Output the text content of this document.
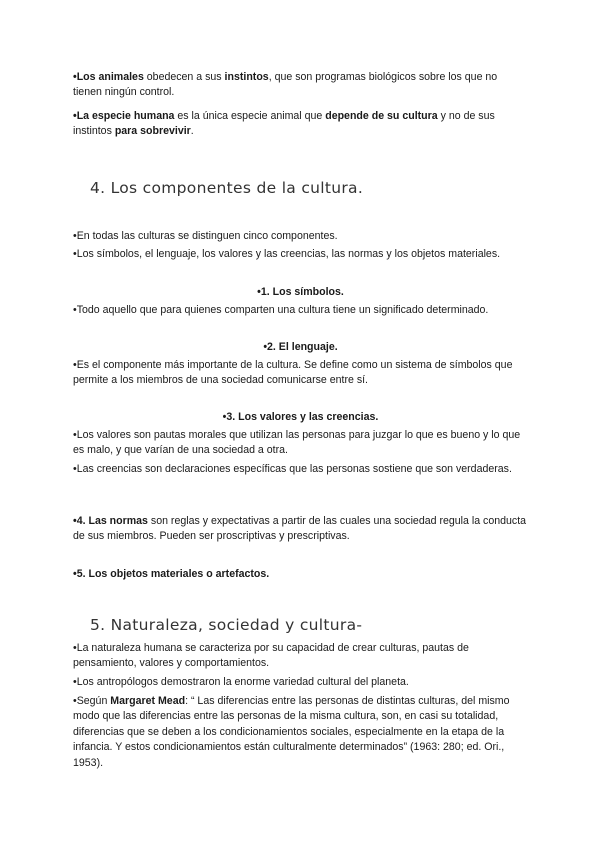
•Los animales obedecen a sus instintos, que son programas biológicos sobre los que no tienen ningún control.

•La especie humana es la única especie animal que depende de su cultura y no de sus instintos para sobrevivir.

4. Los componentes de la cultura.

•En todas las culturas se distinguen cinco componentes.

•Los símbolos, el lenguaje, los valores y las creencias, las normas y los objetos materiales.

•1. Los símbolos.

•Todo aquello que para quienes comparten una cultura tiene un significado determinado.

•2. El lenguaje.

•Es el componente más importante de la cultura. Se define como un sistema de símbolos que permite a los miembros de una sociedad comunicarse entre sí.

•3. Los valores y las creencias.

•Los valores son pautas morales que utilizan las personas para juzgar lo que es bueno y lo que es malo, y que varían de una sociedad a otra.

•Las creencias son declaraciones específicas que las personas sostiene que son verdaderas.

•4. Las normas son reglas y expectativas a partir de las cuales una sociedad regula la conducta de sus miembros. Pueden ser proscriptivas y prescriptivas.

•5. Los objetos materiales o artefactos.

5. Naturaleza, sociedad y cultura-

•La naturaleza humana se caracteriza por su capacidad de crear culturas, pautas de pensamiento, valores y comportamientos.

•Los antropólogos demostraron la enorme variedad cultural del planeta.

•Según Margaret Mead: “ Las diferencias entre las personas de distintas culturas, del mismo modo que las diferencias entre las personas de la misma cultura, son, en casi su totalidad, diferencias que se deben a los condicionamientos sociales, especialmente en la etapa de la infancia. Y estos condicionamientos están culturalmente determinados” (1963: 280; ed. Ori., 1953).
